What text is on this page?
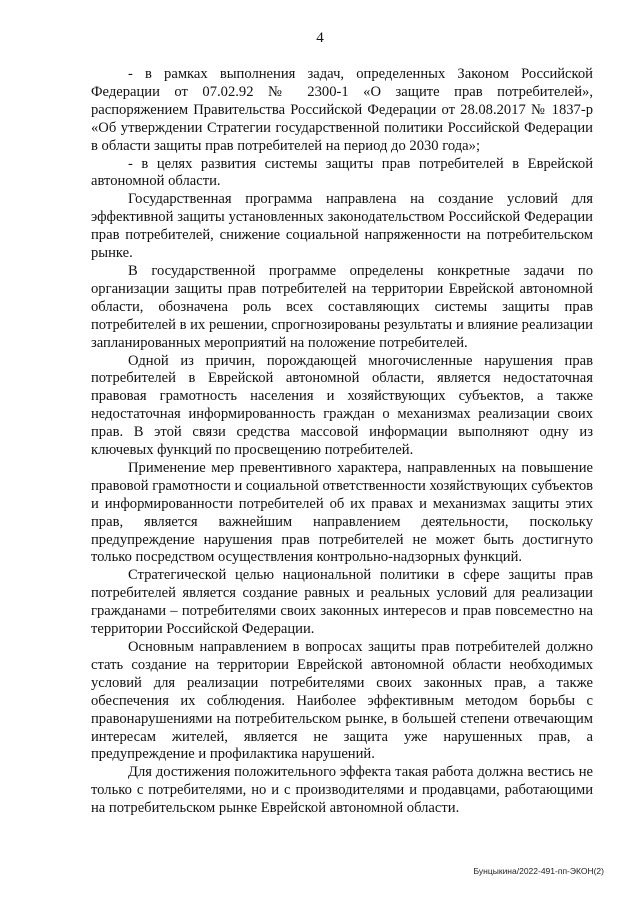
4

- в рамках выполнения задач, определенных Законом Российской Федерации от 07.02.92 № 2300-1 «О защите прав потребителей», распоряжением Правительства Российской Федерации от 28.08.2017 № 1837-р «Об утверждении Стратегии государственной политики Российской Федерации в области защиты прав потребителей на период до 2030 года»;

- в целях развития системы защиты прав потребителей в Еврейской автономной области.

Государственная программа направлена на создание условий для эффективной защиты установленных законодательством Российской Федерации прав потребителей, снижение социальной напряженности на потребительском рынке.

В государственной программе определены конкретные задачи по организации защиты прав потребителей на территории Еврейской автономной области, обозначена роль всех составляющих системы защиты прав потребителей в их решении, спрогнозированы результаты и влияние реализации запланированных мероприятий на положение потребителей.

Одной из причин, порождающей многочисленные нарушения прав потребителей в Еврейской автономной области, является недостаточная правовая грамотность населения и хозяйствующих субъектов, а также недостаточная информированность граждан о механизмах реализации своих прав. В этой связи средства массовой информации выполняют одну из ключевых функций по просвещению потребителей.

Применение мер превентивного характера, направленных на повышение правовой грамотности и социальной ответственности хозяйствующих субъектов и информированности потребителей об их правах и механизмах защиты этих прав, является важнейшим направлением деятельности, поскольку предупреждение нарушения прав потребителей не может быть достигнуто только посредством осуществления контрольно-надзорных функций.

Стратегической целью национальной политики в сфере защиты прав потребителей является создание равных и реальных условий для реализации гражданами – потребителями своих законных интересов и прав повсеместно на территории Российской Федерации.

Основным направлением в вопросах защиты прав потребителей должно стать создание на территории Еврейской автономной области необходимых условий для реализации потребителями своих законных прав, а также обеспечения их соблюдения. Наиболее эффективным методом борьбы с правонарушениями на потребительском рынке, в большей степени отвечающим интересам жителей, является не защита уже нарушенных прав, а предупреждение и профилактика нарушений.

Для достижения положительного эффекта такая работа должна вестись не только с потребителями, но и с производителями и продавцами, работающими на потребительском рынке Еврейской автономной области.

Бунцыкина/2022-491-пп-ЭКОН(2)
